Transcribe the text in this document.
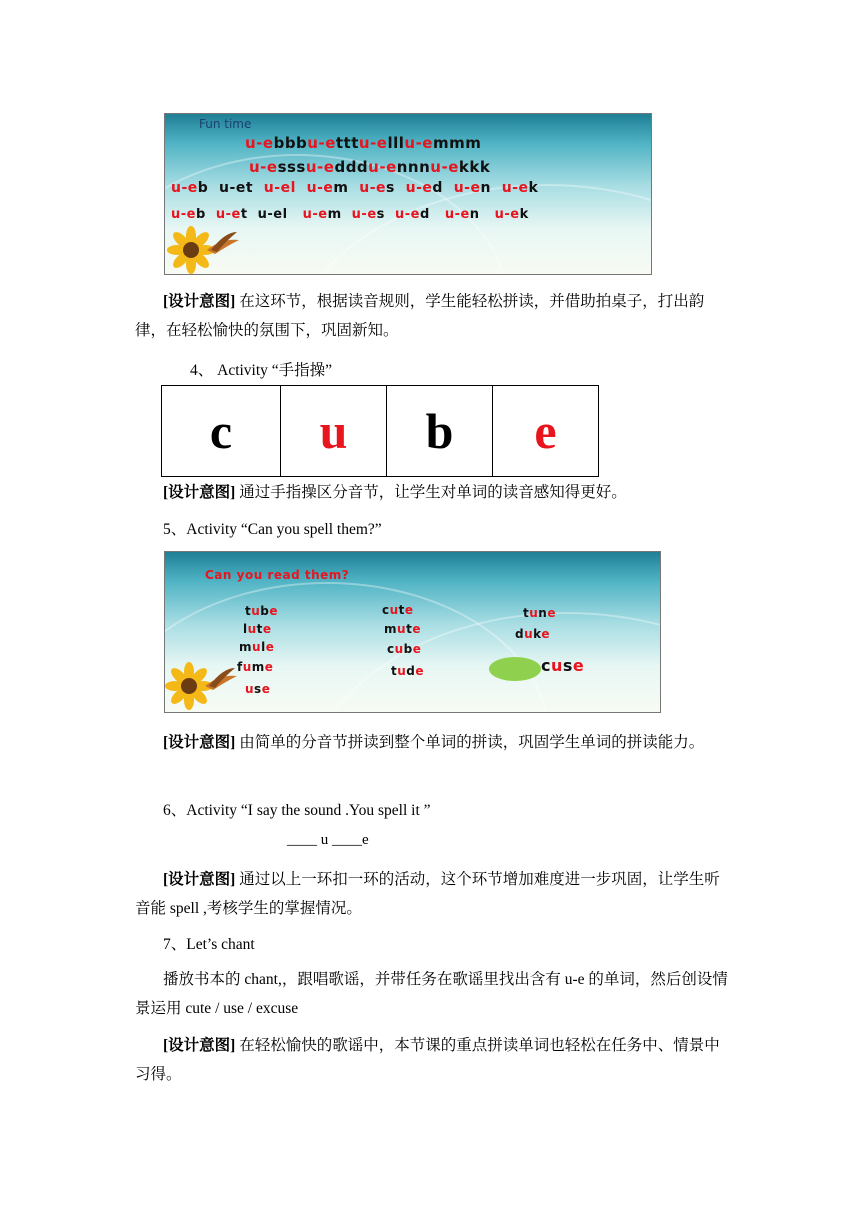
Fun time
u-ebbbu-etttu-elllu-emmm
u-esssu-edddu-ennnu-ekkk
u-eb  u-et  u-el  u-em  u-es  u-ed  u-en  u-ek
u-eb  u-et  u-el   u-em  u-es  u-ed   u-en   u-ek
[设计意图] 在这环节，根据读音规则，学生能轻松拼读，并借助拍桌子，打出韵律，在轻松愉快的氛围下，巩固新知。
4、 Activity “手指操”
c	u	b	e
[设计意图] 通过手指操区分音节，让学生对单词的读音感知得更好。
5、Activity “Can you spell them?”
Can you read them?
tube
lute
mule
fume
use
cute
mute
cube
tude
tune
duke
cuse
[设计意图] 由简单的分音节拼读到整个单词的拼读，巩固学生单词的拼读能力。
6、Activity “I say the sound .You spell it ”
____ u ____e
[设计意图] 通过以上一环扣一环的活动，这个环节增加难度进一步巩固，让学生听音能 spell ,考核学生的掌握情况。
7、Let’s chant
播放书本的 chant,，跟唱歌谣，并带任务在歌谣里找出含有 u-e 的单词，然后创设情景运用 cute / use / excuse
[设计意图] 在轻松愉快的歌谣中，本节课的重点拼读单词也轻松在任务中、情景中习得。
